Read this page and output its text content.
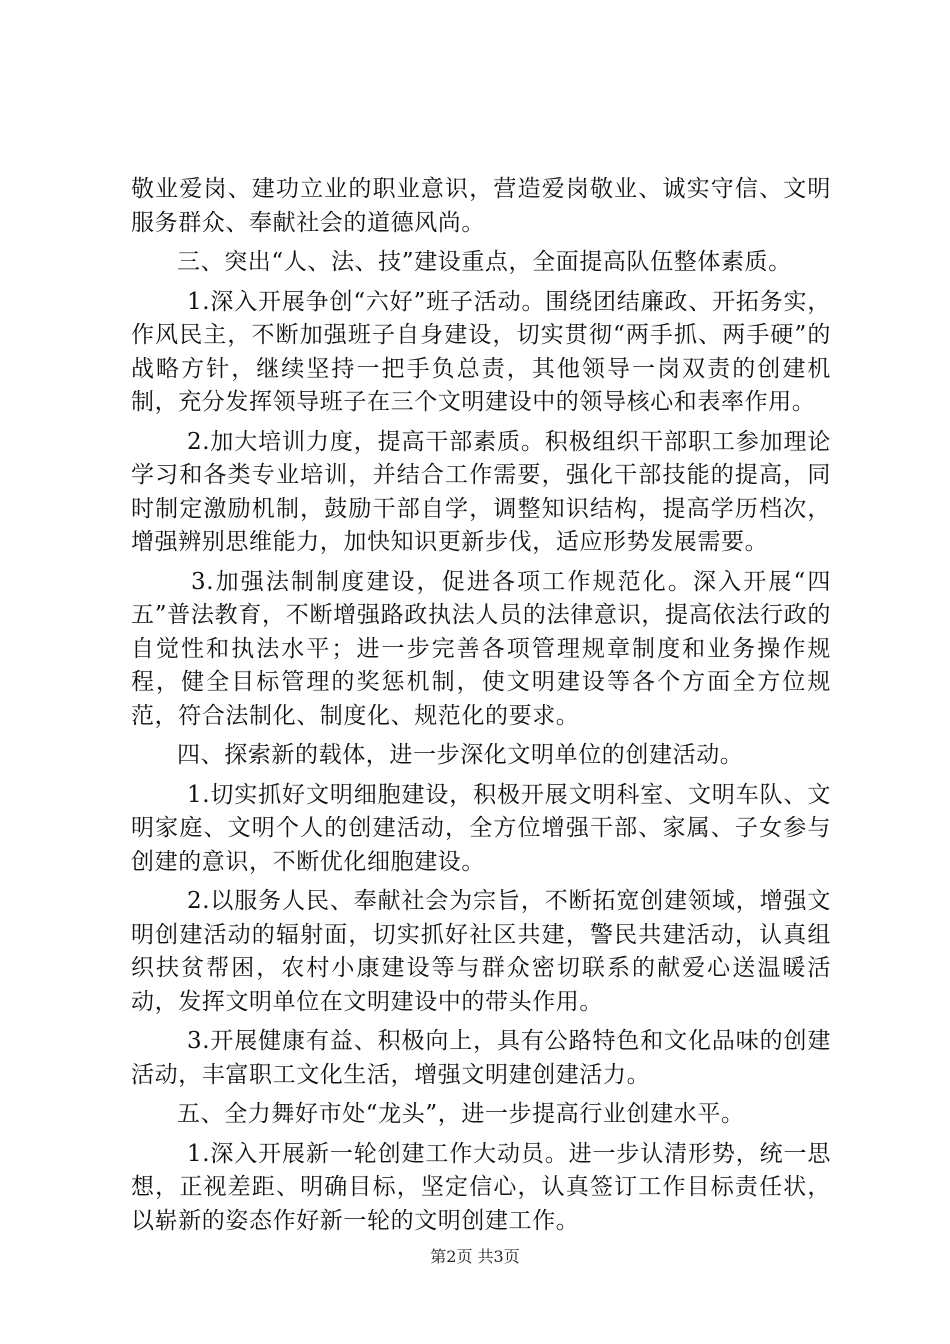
敬业爱岗、建功立业的职业意识，营造爱岗敬业、诚实守信、文明服务群众、奉献社会的道德风尚。

三、突出“人、法、技”建设重点，全面提高队伍整体素质。

1.深入开展争创“六好”班子活动。围绕团结廉政、开拓务实，作风民主，不断加强班子自身建设，切实贯彻“两手抓、两手硬”的战略方针，继续坚持一把手负总责，其他领导一岗双责的创建机制，充分发挥领导班子在三个文明建设中的领导核心和表率作用。

2.加大培训力度，提高干部素质。积极组织干部职工参加理论学习和各类专业培训，并结合工作需要，强化干部技能的提高，同时制定激励机制，鼓励干部自学，调整知识结构，提高学历档次，增强辨别思维能力，加快知识更新步伐，适应形势发展需要。

3.加强法制制度建设，促进各项工作规范化。深入开展“四五”普法教育，不断增强路政执法人员的法律意识，提高依法行政的自觉性和执法水平；进一步完善各项管理规章制度和业务操作规程，健全目标管理的奖惩机制，使文明建设等各个方面全方位规范，符合法制化、制度化、规范化的要求。

四、探索新的载体，进一步深化文明单位的创建活动。

1.切实抓好文明细胞建设，积极开展文明科室、文明车队、文明家庭、文明个人的创建活动，全方位增强干部、家属、子女参与创建的意识，不断优化细胞建设。

2.以服务人民、奉献社会为宗旨，不断拓宽创建领域，增强文明创建活动的辐射面，切实抓好社区共建，警民共建活动，认真组织扶贫帮困，农村小康建设等与群众密切联系的献爱心送温暖活动，发挥文明单位在文明建设中的带头作用。

3.开展健康有益、积极向上，具有公路特色和文化品味的创建活动，丰富职工文化生活，增强文明建创建活力。

五、全力舞好市处“龙头”，进一步提高行业创建水平。

1.深入开展新一轮创建工作大动员。进一步认清形势，统一思想，正视差距、明确目标，坚定信心，认真签订工作目标责任状，以崭新的姿态作好新一轮的文明创建工作。

第2页 共3页
